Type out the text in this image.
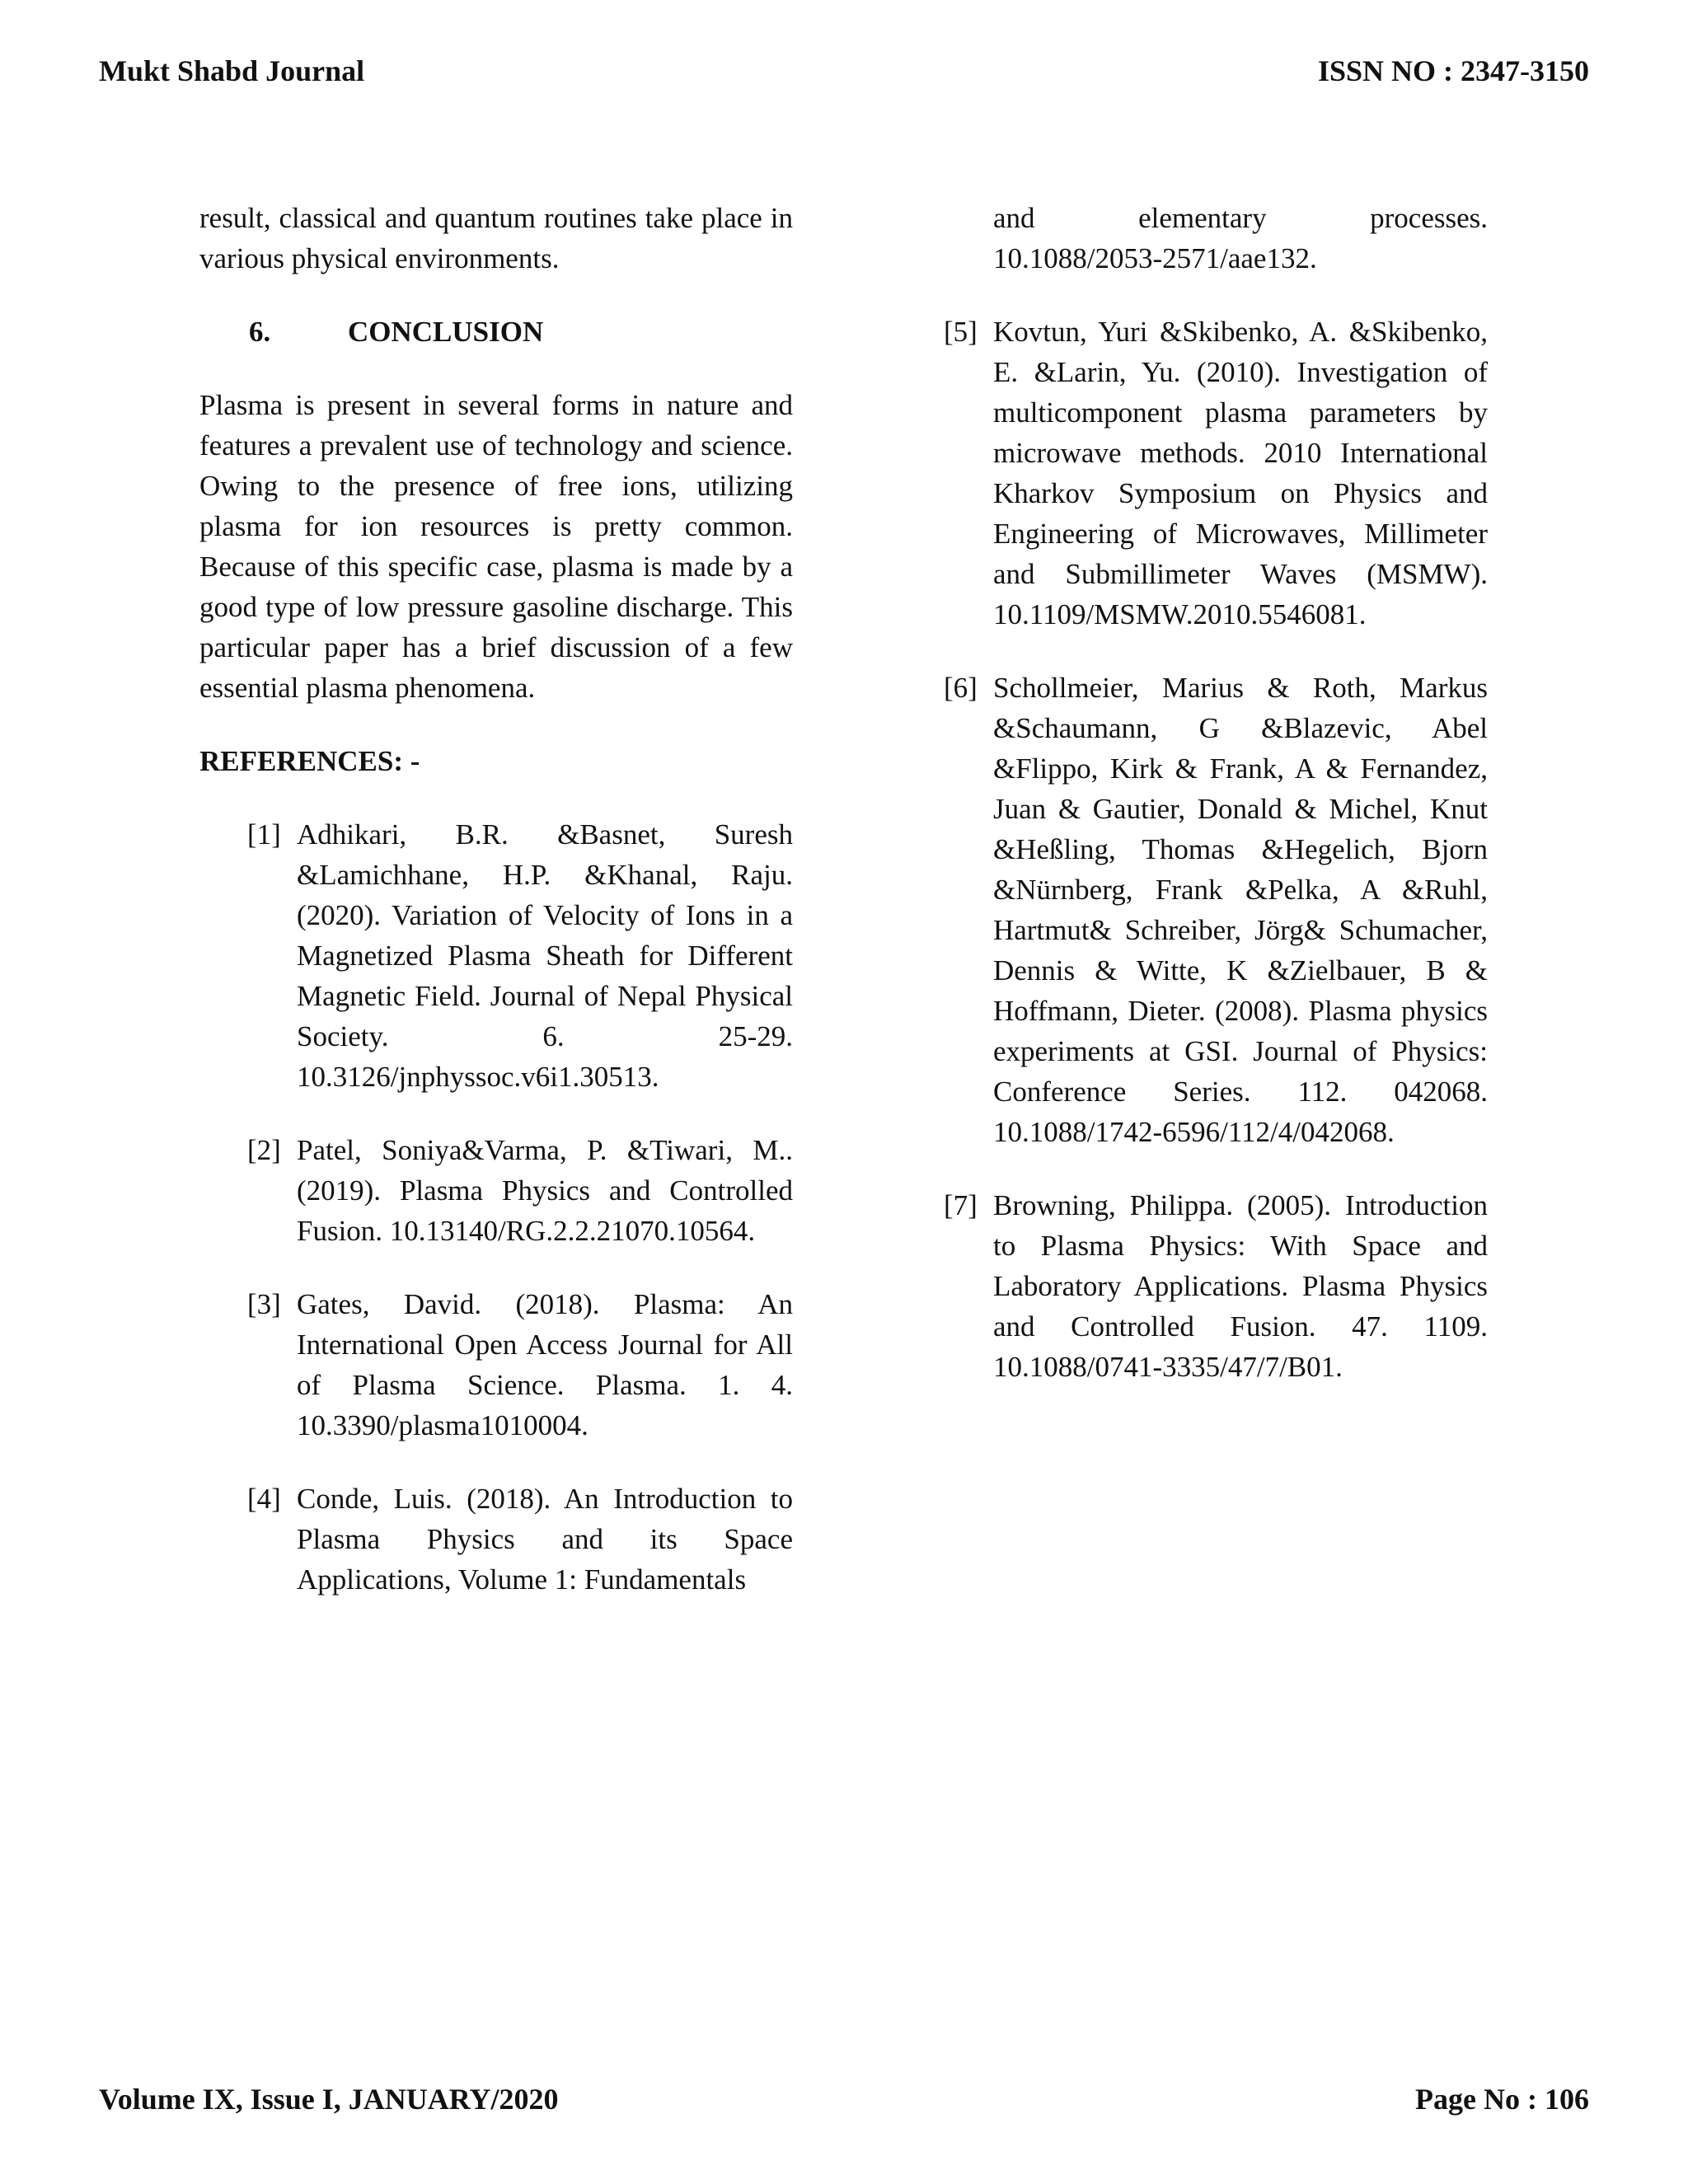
Mukt Shabd Journal	ISSN NO : 2347-3150

result, classical and quantum routines take place in various physical environments.

6.	CONCLUSION

Plasma is present in several forms in nature and features a prevalent use of technology and science. Owing to the presence of free ions, utilizing plasma for ion resources is pretty common. Because of this specific case, plasma is made by a good type of low pressure gasoline discharge. This particular paper has a brief discussion of a few essential plasma phenomena.

REFERENCES: -
[1] Adhikari, B.R. &Basnet, Suresh &Lamichhane, H.P. &Khanal, Raju. (2020). Variation of Velocity of Ions in a Magnetized Plasma Sheath for Different Magnetic Field. Journal of Nepal Physical Society. 6. 25-29. 10.3126/jnphyssoc.v6i1.30513.
[2] Patel, Soniya&Varma, P. &Tiwari, M.. (2019). Plasma Physics and Controlled Fusion. 10.13140/RG.2.2.21070.10564.
[3] Gates, David. (2018). Plasma: An International Open Access Journal for All of Plasma Science. Plasma. 1. 4. 10.3390/plasma1010004.
[4] Conde, Luis. (2018). An Introduction to Plasma Physics and its Space Applications, Volume 1: Fundamentals
and elementary processes.
10.1088/2053-2571/aae132.
[5] Kovtun, Yuri &Skibenko, A. &Skibenko, E. &Larin, Yu. (2010). Investigation of multicomponent plasma parameters by microwave methods. 2010 International Kharkov Symposium on Physics and Engineering of Microwaves, Millimeter and Submillimeter Waves (MSMW). 10.1109/MSMW.2010.5546081.
[6] Schollmeier, Marius & Roth, Markus &Schaumann, G &Blazevic, Abel &Flippo, Kirk & Frank, A & Fernandez, Juan & Gautier, Donald & Michel, Knut &Heßling, Thomas &Hegelich, Bjorn &Nürnberg, Frank &Pelka, A &Ruhl, Hartmut& Schreiber, Jörg& Schumacher, Dennis & Witte, K &Zielbauer, B & Hoffmann, Dieter. (2008). Plasma physics experiments at GSI. Journal of Physics: Conference Series. 112. 042068. 10.1088/1742-6596/112/4/042068.
[7] Browning, Philippa. (2005). Introduction to Plasma Physics: With Space and Laboratory Applications. Plasma Physics and Controlled Fusion. 47. 1109. 10.1088/0741-3335/47/7/B01.
Volume IX, Issue I, JANUARY/2020	Page No : 106
